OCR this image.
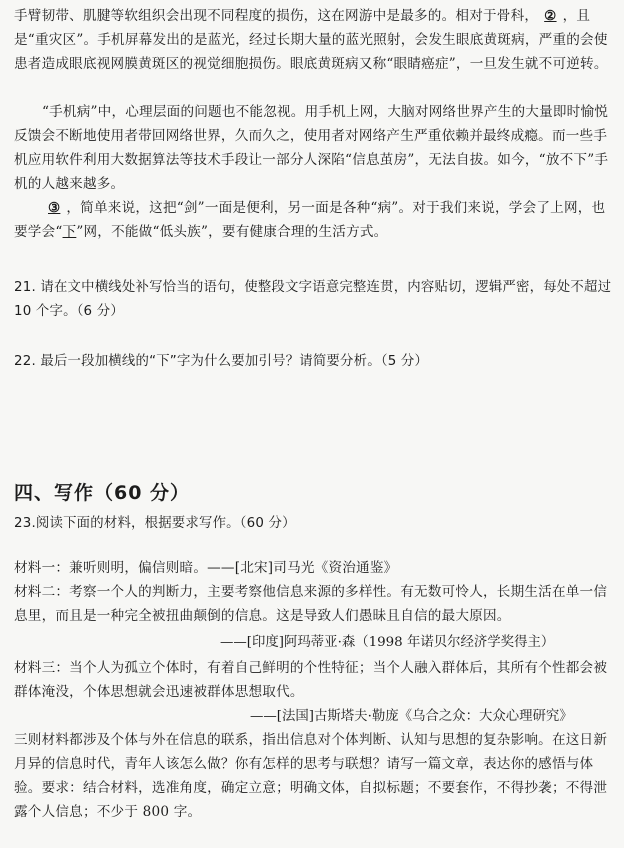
手臂韧带、肌腱等软组织会出现不同程度的损伤，这在网游中是最多的。相对于骨科， ② ，且是“重灾区”。手机屏幕发出的是蓝光，经过长期大量的蓝光照射，会发生眼底黄斑病，严重的会使患者造成眼底视网膜黄斑区的视觉细胞损伤。眼底黄斑病又称“眼睛癌症”，一旦发生就不可逆转。
“手机病”中，心理层面的问题也不能忽视。用手机上网，大脑对网络世界产生的大量即时愉悦反馈会不断地使用者带回网络世界，久而久之，使用者对网络产生严重依赖并最终成瘾。而一些手机应用软件利用大数据算法等技术手段让一部分人深陷“信息茧房”，无法自拔。如今，“放不下”手机的人越来越多。
③ ，简单来说，这把“剑”一面是便利，另一面是各种“病”。对于我们来说，学会了上网，也要学会“下”网，不能做“低头族”，要有健康合理的生活方式。
21. 请在文中横线处补写恰当的语句，使整段文字语意完整连贯，内容贴切，逻辑严密，每处不超过 10 个字。（6 分）
22. 最后一段加横线的“下”字为什么要加引号？请简要分析。（5 分）
四、写作（60 分）
23.阅读下面的材料，根据要求写作。（60 分）
材料一：兼听则明，偏信则暗。——[北宋]司马光《资治通鉴》
材料二：考察一个人的判断力，主要考察他信息来源的多样性。有无数可怜人，长期生活在单一信息里，而且是一种完全被扭曲颠倒的信息。这是导致人们愚昧且自信的最大原因。
——[印度]阿玛蒂亚·森（1998 年诺贝尔经济学奖得主）
材料三：当个人为孤立个体时，有着自己鲜明的个性特征；当个人融入群体后，其所有个性都会被群体淹没，个体思想就会迅速被群体思想取代。
——[法国]古斯塔夫·勒庞《乌合之众：大众心理研究》
三则材料都涉及个体与外在信息的联系，指出信息对个体判断、认知与思想的复杂影响。在这日新月异的信息时代，青年人该怎么做？你有怎样的思考与联想？请写一篇文章，表达你的感悟与体验。要求：结合材料，选准角度，确定立意；明确文体，自拟标题；不要套作，不得抄袭；不得泄露个人信息；不少于 800 字。
